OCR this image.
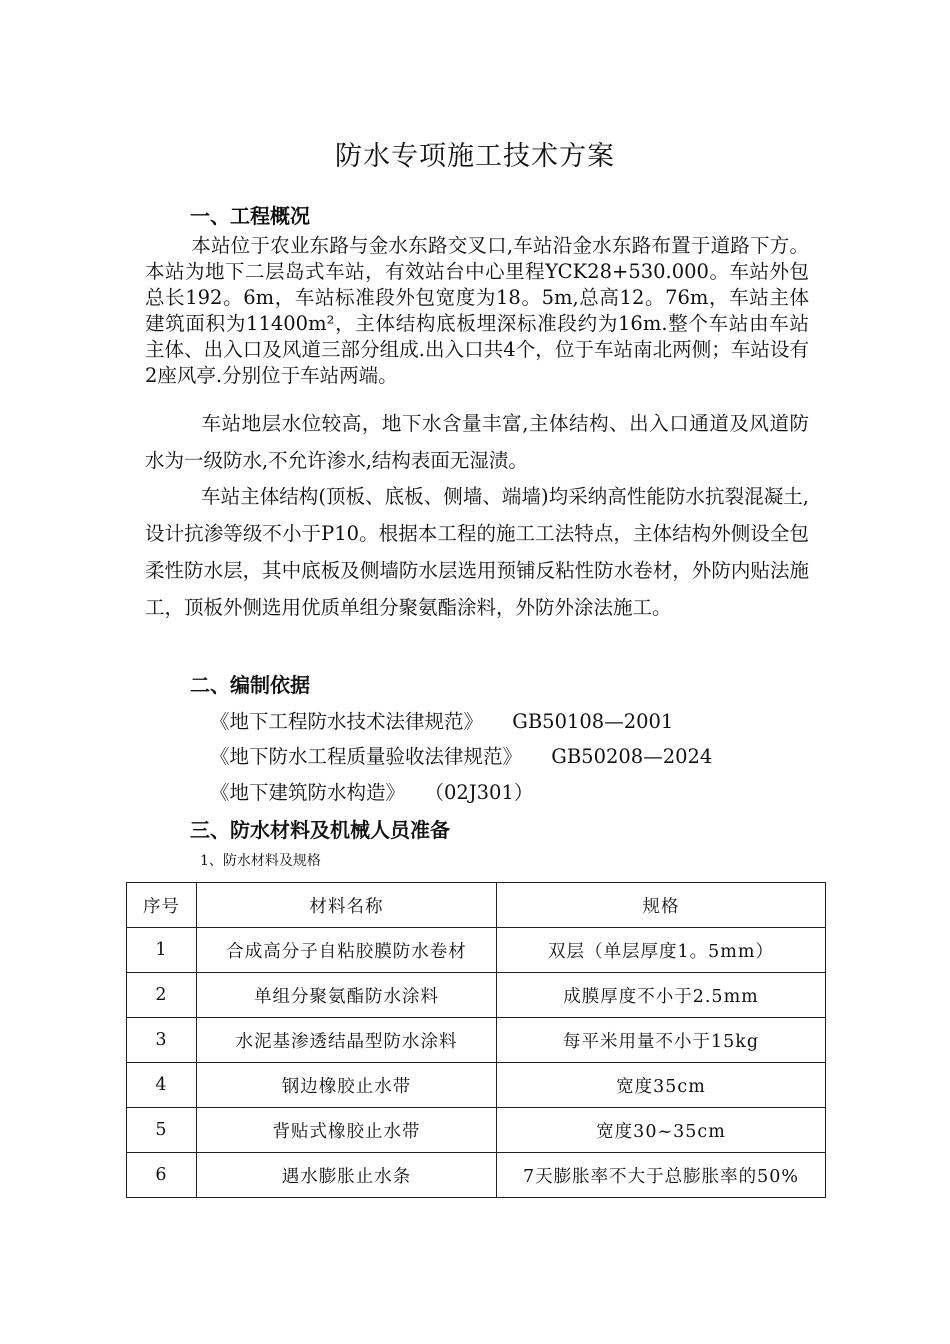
防水专项施工技术方案
一、工程概况

本站位于农业东路与金水东路交叉口,车站沿金水东路布置于道路下方。本站为地下二层岛式车站，有效站台中心里程YCK28+530.000。车站外包总长192。6m，车站标准段外包宽度为18。5m,总高12。76m，车站主体建筑面积为11400m²，主体结构底板埋深标准段约为16m.整个车站由车站主体、出入口及风道三部分组成.出入口共4个，位于车站南北两侧；车站设有2座风亭.分别位于车站两端。

车站地层水位较高，地下水含量丰富,主体结构、出入口通道及风道防水为一级防水,不允许渗水,结构表面无湿渍。

车站主体结构(顶板、底板、侧墙、端墙)均采纳高性能防水抗裂混凝土,设计抗渗等级不小于P10。根据本工程的施工工法特点，主体结构外侧设全包柔性防水层，其中底板及侧墙防水层选用预铺反粘性防水卷材，外防内贴法施工，顶板外侧选用优质单组分聚氨酯涂料，外防外涂法施工。

二、编制依据
《地下工程防水技术法律规范》　　GB50108—2001
《地下防水工程质量验收法律规范》　　GB50208—2024
《地下建筑防水构造》　　（02J301）
三、防水材料及机械人员准备
1、防水材料及规格
序号	材料名称	规格
1	合成高分子自粘胶膜防水卷材	双层（单层厚度1。5mm）
2	单组分聚氨酯防水涂料	成膜厚度不小于2.5mm
3	水泥基渗透结晶型防水涂料	每平米用量不小于15kg
4	钢边橡胶止水带	宽度35cm
5	背贴式橡胶止水带	宽度30~35cm
6	遇水膨胀止水条	7天膨胀率不大于总膨胀率的50%
